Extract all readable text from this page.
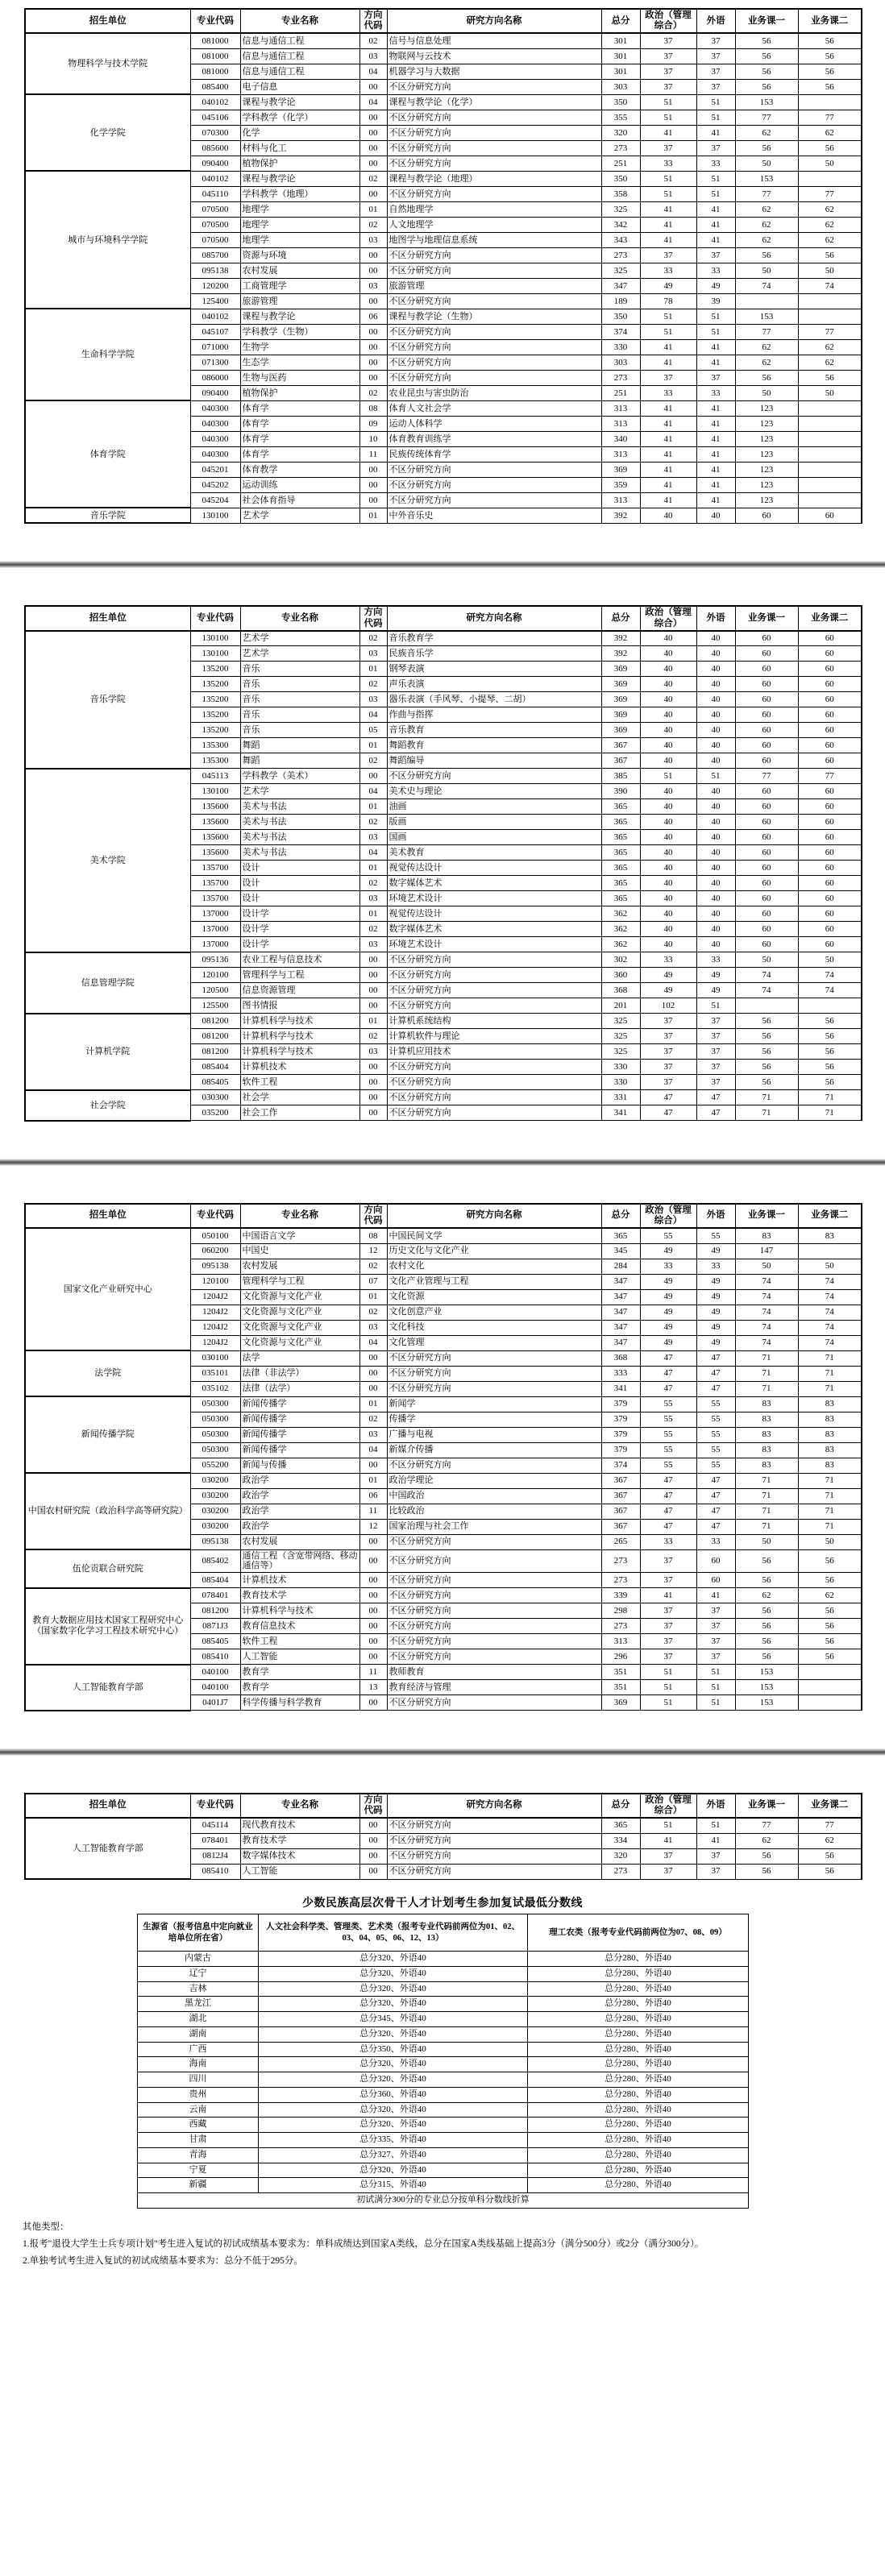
招生单位	专业代码	专业名称	方向代码	研究方向名称	总分	政治（管理综合）	外语	业务课一	业务课二
物理科学与技术学院	081000	信息与通信工程	02	信号与信息处理	301	37	37	56	56
	081000	信息与通信工程	03	物联网与云技术	301	37	37	56	56
	081000	信息与通信工程	04	机器学习与大数据	301	37	37	56	56
	085400	电子信息	00	不区分研究方向	303	37	37	56	56
化学学院	040102	课程与教学论	04	课程与教学论（化学）	350	51	51	153	
	045106	学科教学（化学）	00	不区分研究方向	355	51	51	77	77
	070300	化学	00	不区分研究方向	320	41	41	62	62
	085600	材料与化工	00	不区分研究方向	273	37	37	56	56
	090400	植物保护	00	不区分研究方向	251	33	33	50	50
城市与环境科学学院	040102	课程与教学论	02	课程与教学论（地理）	350	51	51	153	
	045110	学科教学（地理）	00	不区分研究方向	358	51	51	77	77
	070500	地理学	01	自然地理学	325	41	41	62	62
	070500	地理学	02	人文地理学	342	41	41	62	62
	070500	地理学	03	地图学与地理信息系统	343	41	41	62	62
	085700	资源与环境	00	不区分研究方向	273	37	37	56	56
	095138	农村发展	00	不区分研究方向	325	33	33	50	50
	120200	工商管理学	03	旅游管理	347	49	49	74	74
	125400	旅游管理	00	不区分研究方向	189	78	39		
生命科学学院	040102	课程与教学论	06	课程与教学论（生物）	350	51	51	153	
	045107	学科教学（生物）	00	不区分研究方向	374	51	51	77	77
	071000	生物学	00	不区分研究方向	330	41	41	62	62
	071300	生态学	00	不区分研究方向	303	41	41	62	62
	086000	生物与医药	00	不区分研究方向	273	37	37	56	56
	090400	植物保护	02	农业昆虫与害虫防治	251	33	33	50	50
体育学院	040300	体育学	08	体育人文社会学	313	41	41	123	
	040300	体育学	09	运动人体科学	313	41	41	123	
	040300	体育学	10	体育教育训练学	340	41	41	123	
	040300	体育学	11	民族传统体育学	313	41	41	123	
	045201	体育教学	00	不区分研究方向	369	41	41	123	
	045202	运动训练	00	不区分研究方向	359	41	41	123	
	045204	社会体育指导	00	不区分研究方向	313	41	41	123	
音乐学院	130100	艺术学	01	中外音乐史	392	40	40	60	60
招生单位	专业代码	专业名称	方向代码	研究方向名称	总分	政治（管理综合）	外语	业务课一	业务课二
音乐学院	130100	艺术学	02	音乐教育学	392	40	40	60	60
	130100	艺术学	03	民族音乐学	392	40	40	60	60
	135200	音乐	01	钢琴表演	369	40	40	60	60
	135200	音乐	02	声乐表演	369	40	40	60	60
	135200	音乐	03	器乐表演（手风琴、小提琴、二胡）	369	40	40	60	60
	135200	音乐	04	作曲与指挥	369	40	40	60	60
	135200	音乐	05	音乐教育	369	40	40	60	60
	135300	舞蹈	01	舞蹈教育	367	40	40	60	60
	135300	舞蹈	02	舞蹈编导	367	40	40	60	60
美术学院	045113	学科教学（美术）	00	不区分研究方向	385	51	51	77	77
	130100	艺术学	04	美术史与理论	390	40	40	60	60
	135600	美术与书法	01	油画	365	40	40	60	60
	135600	美术与书法	02	版画	365	40	40	60	60
	135600	美术与书法	03	国画	365	40	40	60	60
	135600	美术与书法	04	美术教育	365	40	40	60	60
	135700	设计	01	视觉传达设计	365	40	40	60	60
	135700	设计	02	数字媒体艺术	365	40	40	60	60
	135700	设计	03	环境艺术设计	365	40	40	60	60
	137000	设计学	01	视觉传达设计	362	40	40	60	60
	137000	设计学	02	数字媒体艺术	362	40	40	60	60
	137000	设计学	03	环境艺术设计	362	40	40	60	60
信息管理学院	095136	农业工程与信息技术	00	不区分研究方向	302	33	33	50	50
	120100	管理科学与工程	00	不区分研究方向	360	49	49	74	74
	120500	信息资源管理	00	不区分研究方向	368	49	49	74	74
	125500	图书情报	00	不区分研究方向	201	102	51		
计算机学院	081200	计算机科学与技术	01	计算机系统结构	325	37	37	56	56
	081200	计算机科学与技术	02	计算机软件与理论	325	37	37	56	56
	081200	计算机科学与技术	03	计算机应用技术	325	37	37	56	56
	085404	计算机技术	00	不区分研究方向	330	37	37	56	56
	085405	软件工程	00	不区分研究方向	330	37	37	56	56
社会学院	030300	社会学	00	不区分研究方向	331	47	47	71	71
	035200	社会工作	00	不区分研究方向	341	47	47	71	71
招生单位	专业代码	专业名称	方向代码	研究方向名称	总分	政治（管理综合）	外语	业务课一	业务课二
国家文化产业研究中心	050100	中国语言文学	08	中国民间文学	365	55	55	83	83
	060200	中国史	12	历史文化与文化产业	345	49	49	147	
	095138	农村发展	02	农村文化	284	33	33	50	50
	120100	管理科学与工程	07	文化产业管理与工程	347	49	49	74	74
	1204J2	文化资源与文化产业	01	文化资源	347	49	49	74	74
	1204J2	文化资源与文化产业	02	文化创意产业	347	49	49	74	74
	1204J2	文化资源与文化产业	03	文化科技	347	49	49	74	74
	1204J2	文化资源与文化产业	04	文化管理	347	49	49	74	74
法学院	030100	法学	00	不区分研究方向	368	47	47	71	71
	035101	法律（非法学）	00	不区分研究方向	333	47	47	71	71
	035102	法律（法学）	00	不区分研究方向	341	47	47	71	71
新闻传播学院	050300	新闻传播学	01	新闻学	379	55	55	83	83
	050300	新闻传播学	02	传播学	379	55	55	83	83
	050300	新闻传播学	03	广播与电视	379	55	55	83	83
	050300	新闻传播学	04	新媒介传播	379	55	55	83	83
	055200	新闻与传播	00	不区分研究方向	374	55	55	83	83
中国农村研究院（政治科学高等研究院）	030200	政治学	01	政治学理论	367	47	47	71	71
	030200	政治学	06	中国政治	367	47	47	71	71
	030200	政治学	11	比较政治	367	47	47	71	71
	030200	政治学	12	国家治理与社会工作	367	47	47	71	71
	095138	农村发展	00	不区分研究方向	265	33	33	50	50
伍伦贡联合研究院	085402	通信工程（含宽带网络、移动通信等）	00	不区分研究方向	273	37	60	56	56
	085404	计算机技术	00	不区分研究方向	273	37	60	56	56
教育大数据应用技术国家工程研究中心（国家数字化学习工程技术研究中心）	078401	教育技术学	00	不区分研究方向	339	41	41	62	62
	081200	计算机科学与技术	00	不区分研究方向	298	37	37	56	56
	0871J3	教育信息技术	00	不区分研究方向	273	37	37	56	56
	085405	软件工程	00	不区分研究方向	313	37	37	56	56
	085410	人工智能	00	不区分研究方向	296	37	37	56	56
人工智能教育学部	040100	教育学	11	教师教育	351	51	51	153	
	040100	教育学	13	教育经济与管理	351	51	51	153	
	0401J7	科学传播与科学教育	00	不区分研究方向	369	51	51	153	
招生单位	专业代码	专业名称	方向代码	研究方向名称	总分	政治（管理综合）	外语	业务课一	业务课二
人工智能教育学部	045114	现代教育技术	00	不区分研究方向	365	51	51	77	77
	078401	教育技术学	00	不区分研究方向	334	41	41	62	62
	0812J4	数字媒体技术	00	不区分研究方向	320	37	37	56	56
	085410	人工智能	00	不区分研究方向	273	37	37	56	56
少数民族高层次骨干人才计划考生参加复试最低分数线
生源省（报考信息中定向就业培单位所在省）	人文社会科学类、管理类、艺术类（报考专业代码前两位为01、02、03、04、05、06、12、13）	理工农类（报考专业代码前两位为07、08、09）
内蒙古	总分320、外语40	总分280、外语40
辽宁	总分320、外语40	总分280、外语40
吉林	总分320、外语40	总分280、外语40
黑龙江	总分320、外语40	总分280、外语40
湖北	总分345、外语40	总分280、外语40
湖南	总分320、外语40	总分280、外语40
广西	总分350、外语40	总分280、外语40
海南	总分320、外语40	总分280、外语40
四川	总分320、外语40	总分280、外语40
贵州	总分360、外语40	总分280、外语40
云南	总分320、外语40	总分280、外语40
西藏	总分320、外语40	总分280、外语40
甘肃	总分335、外语40	总分280、外语40
青海	总分327、外语40	总分280、外语40
宁夏	总分320、外语40	总分280、外语40
新疆	总分315、外语40	总分280、外语40
初试满分300分的专业总分按单科分数线折算		
其他类型：
1.报考"退役大学生士兵专项计划"考生进入复试的初试成绩基本要求为：单科成绩达到国家A类线，总分在国家A类线基础上提高3分（满分500分）或2分（满分300分）。
2.单独考试考生进入复试的初试成绩基本要求为：总分不低于295分。
